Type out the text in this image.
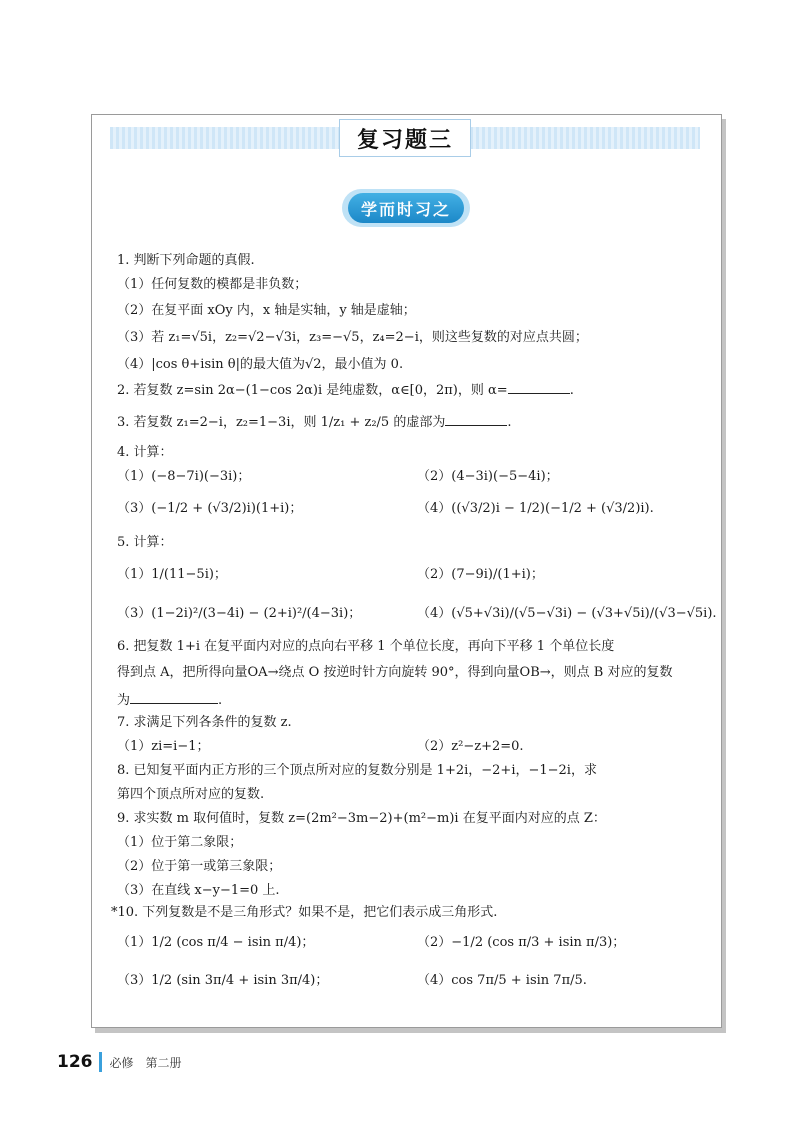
复习题三
学而时习之
1. 判断下列命题的真假.
（1）任何复数的模都是非负数；
（2）在复平面 xOy 内，x 轴是实轴，y 轴是虚轴；
（3）若 z₁=√5i，z₂=√2−√3i，z₃=−√5，z₄=2−i，则这些复数的对应点共圆；
（4）|cos θ+isin θ|的最大值为√2，最小值为 0.
2. 若复数 z=sin 2α−(1−cos 2α)i 是纯虚数，α∈[0，2π)，则 α=	.
3. 若复数 z₁=2−i，z₂=1−3i，则 1/z₁ + z₂/5 的虚部为	.
4. 计算：
（1）(−8−7i)(−3i)；	（2）(4−3i)(−5−4i)；
（3）(−1/2 + (√3/2)i)(1+i)；	（4）((√3/2)i − 1/2)(−1/2 + (√3/2)i).
5. 计算：
（1）1/(11−5i)；	（2）(7−9i)/(1+i)；
（3）(1−2i)²/(3−4i) − (2+i)²/(4−3i)；	（4）(√5+√3i)/(√5−√3i) − (√3+√5i)/(√3−√5i).
6. 把复数 1+i 在复平面内对应的点向右平移 1 个单位长度，再向下平移 1 个单位长度
得到点 A，把所得向量OA→绕点 O 按逆时针方向旋转 90°，得到向量OB→，则点 B 对应的复数
为	.
7. 求满足下列各条件的复数 z.
（1）zi=i−1；	（2）z²−z+2=0.
8. 已知复平面内正方形的三个顶点所对应的复数分别是 1+2i，−2+i，−1−2i，求
第四个顶点所对应的复数.
9. 求实数 m 取何值时，复数 z=(2m²−3m−2)+(m²−m)i 在复平面内对应的点 Z：
（1）位于第二象限；
（2）位于第一或第三象限；
（3）在直线 x−y−1=0 上.
*10. 下列复数是不是三角形式？如果不是，把它们表示成三角形式.
（1）1/2 (cos π/4 − isin π/4)；	（2）−1/2 (cos π/3 + isin π/3)；
（3）1/2 (sin 3π/4 + isin 3π/4)；	（4）cos 7π/5 + isin 7π/5.
126 必修　第二册
